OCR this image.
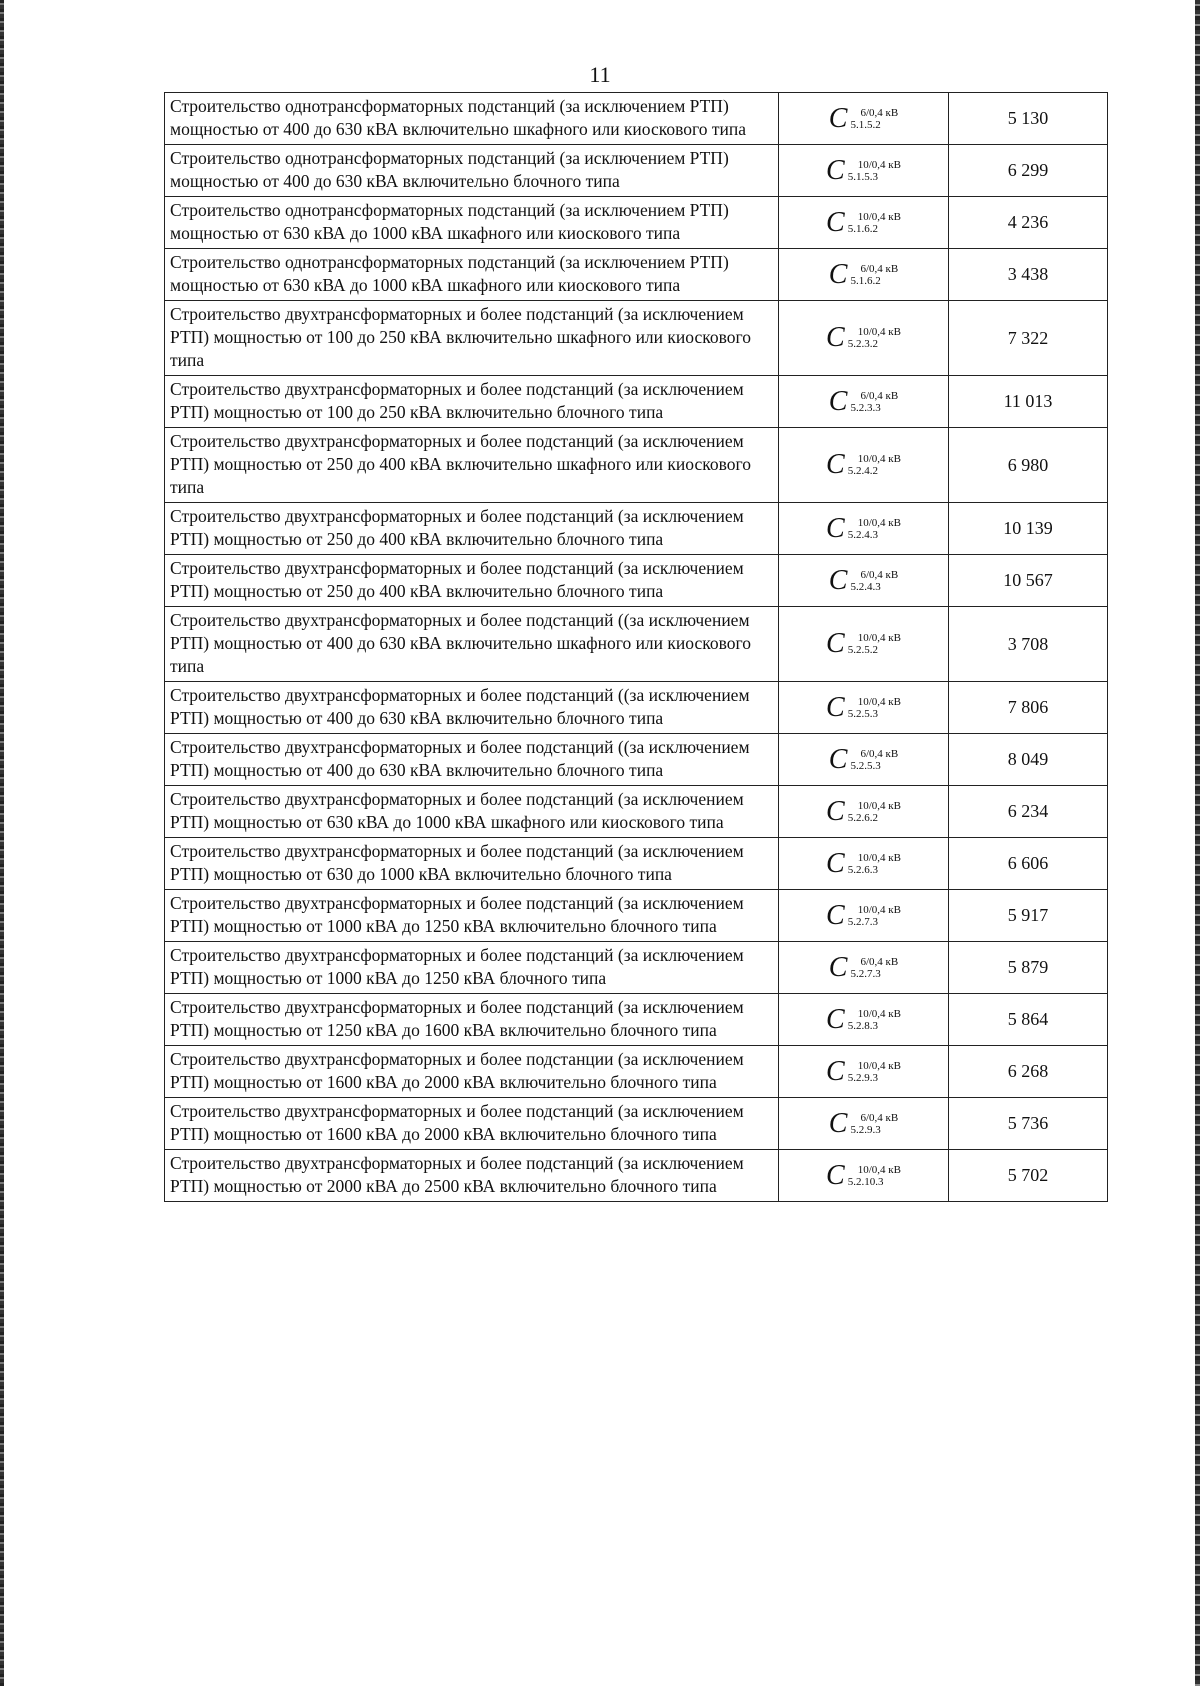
11
Строительство однотрансформаторных подстанций (за исключением РТП) мощностью от 400 до 630 кВА включительно шкафного или киоскового типа	C 6/0,4 кВ
5.1.5.2	5 130
Строительство однотрансформаторных подстанций (за исключением РТП) мощностью от 400 до 630 кВА включительно блочного типа	C 10/0,4 кВ
5.1.5.3	6 299
Строительство однотрансформаторных подстанций (за исключением РТП) мощностью от 630 кВА до 1000 кВА шкафного или киоскового типа	C 10/0,4 кВ
5.1.6.2	4 236
Строительство однотрансформаторных подстанций (за исключением РТП) мощностью от 630 кВА до 1000 кВА шкафного или киоскового типа	C 6/0,4 кВ
5.1.6.2	3 438
Строительство двухтрансформаторных и более подстанций (за исключением РТП) мощностью от 100 до 250 кВА включительно шкафного или киоскового типа	C 10/0,4 кВ
5.2.3.2	7 322
Строительство двухтрансформаторных и более подстанций (за исключением РТП) мощностью от 100 до 250 кВА включительно блочного типа	C 6/0,4 кВ
5.2.3.3	11 013
Строительство двухтрансформаторных и более подстанций (за исключением РТП) мощностью от 250 до 400 кВА включительно шкафного или киоскового типа	C 10/0,4 кВ
5.2.4.2	6 980
Строительство двухтрансформаторных и более подстанций (за исключением РТП) мощностью от 250 до 400 кВА включительно блочного типа	C 10/0,4 кВ
5.2.4.3	10 139
Строительство двухтрансформаторных и более подстанций (за исключением РТП) мощностью от 250 до 400 кВА включительно блочного типа	C 6/0,4 кВ
5.2.4.3	10 567
Строительство двухтрансформаторных и более подстанций ((за исключением РТП) мощностью от 400 до 630 кВА включительно шкафного или киоскового типа	C 10/0,4 кВ
5.2.5.2	3 708
Строительство двухтрансформаторных и более подстанций ((за исключением РТП) мощностью от 400 до 630 кВА включительно блочного типа	C 10/0,4 кВ
5.2.5.3	7 806
Строительство двухтрансформаторных и более подстанций ((за исключением РТП) мощностью от 400 до 630 кВА включительно блочного типа	C 6/0,4 кВ
5.2.5.3	8 049
Строительство двухтрансформаторных и более подстанций (за исключением РТП) мощностью от 630 кВА до 1000 кВА шкафного или киоскового типа	C 10/0,4 кВ
5.2.6.2	6 234
Строительство двухтрансформаторных и более подстанций (за исключением РТП) мощностью от 630 до 1000 кВА включительно блочного типа	C 10/0,4 кВ
5.2.6.3	6 606
Строительство двухтрансформаторных и более подстанций (за исключением РТП) мощностью от 1000 кВА до 1250 кВА включительно блочного типа	C 10/0,4 кВ
5.2.7.3	5 917
Строительство двухтрансформаторных и более подстанций (за исключением РТП) мощностью от 1000 кВА до 1250 кВА блочного типа	C 6/0,4 кВ
5.2.7.3	5 879
Строительство двухтрансформаторных и более подстанций (за исключением РТП) мощностью от 1250 кВА до 1600 кВА включительно блочного типа	C 10/0,4 кВ
5.2.8.3	5 864
Строительство двухтрансформаторных и более подстанции (за исключением РТП) мощностью от 1600 кВА до 2000 кВА включительно блочного типа	C 10/0,4 кВ
5.2.9.3	6 268
Строительство двухтрансформаторных и более подстанций (за исключением РТП) мощностью от 1600 кВА до 2000 кВА включительно блочного типа	C 6/0,4 кВ
5.2.9.3	5 736
Строительство двухтрансформаторных и более подстанций (за исключением РТП) мощностью от 2000 кВА до 2500 кВА включительно блочного типа	C 10/0,4 кВ
5.2.10.3	5 702
